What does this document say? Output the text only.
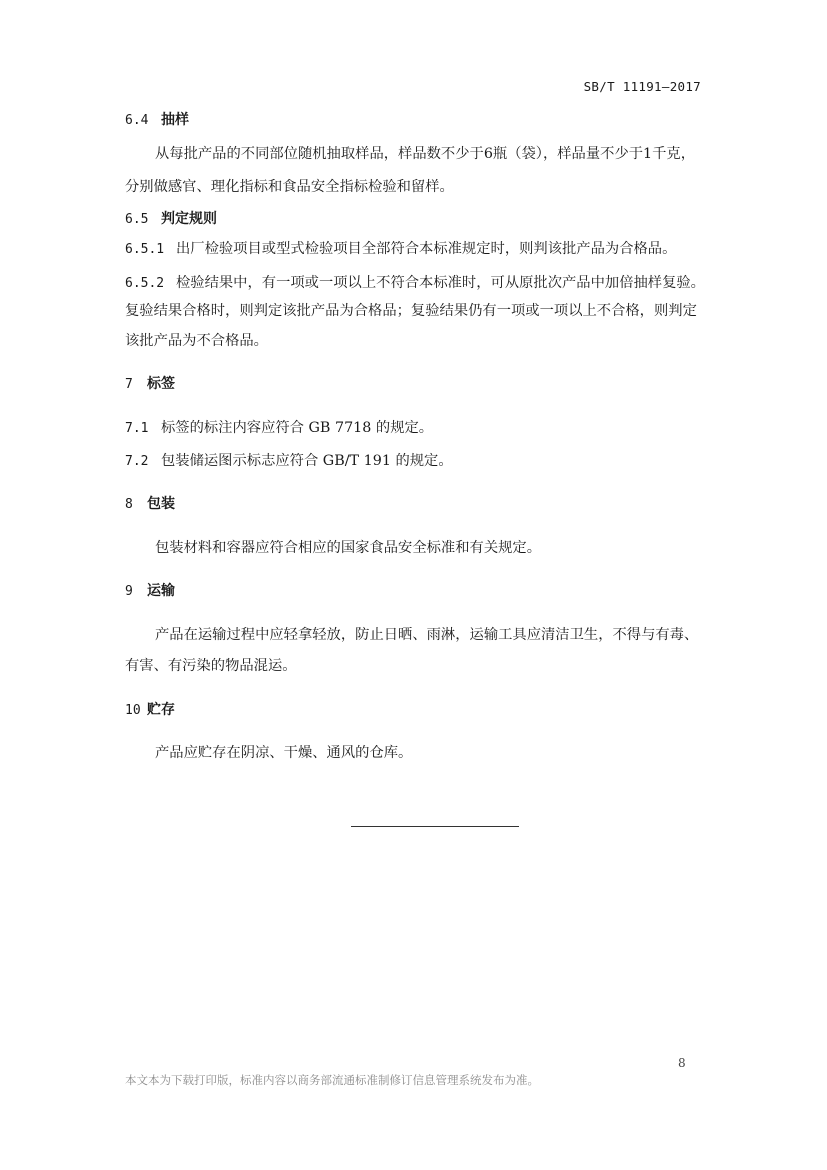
SB/T 11191—2017
6.4 抽样
从每批产品的不同部位随机抽取样品，样品数不少于6瓶（袋），样品量不少于1千克，
分别做感官、理化指标和食品安全指标检验和留样。
6.5 判定规则
6.5.1 出厂检验项目或型式检验项目全部符合本标准规定时，则判该批产品为合格品。
6.5.2 检验结果中，有一项或一项以上不符合本标准时，可从原批次产品中加倍抽样复验。
复验结果合格时，则判定该批产品为合格品；复验结果仍有一项或一项以上不合格，则判定
该批产品为不合格品。
7 标签
7.1 标签的标注内容应符合 GB 7718 的规定。
7.2 包装储运图示标志应符合 GB/T 191 的规定。
8 包装
包装材料和容器应符合相应的国家食品安全标准和有关规定。
9 运输
产品在运输过程中应轻拿轻放，防止日晒、雨淋，运输工具应清洁卫生，不得与有毒、
有害、有污染的物品混运。
10 贮存
产品应贮存在阴凉、干燥、通风的仓库。
8
本文本为下载打印版，标准内容以商务部流通标准制修订信息管理系统发布为准。
